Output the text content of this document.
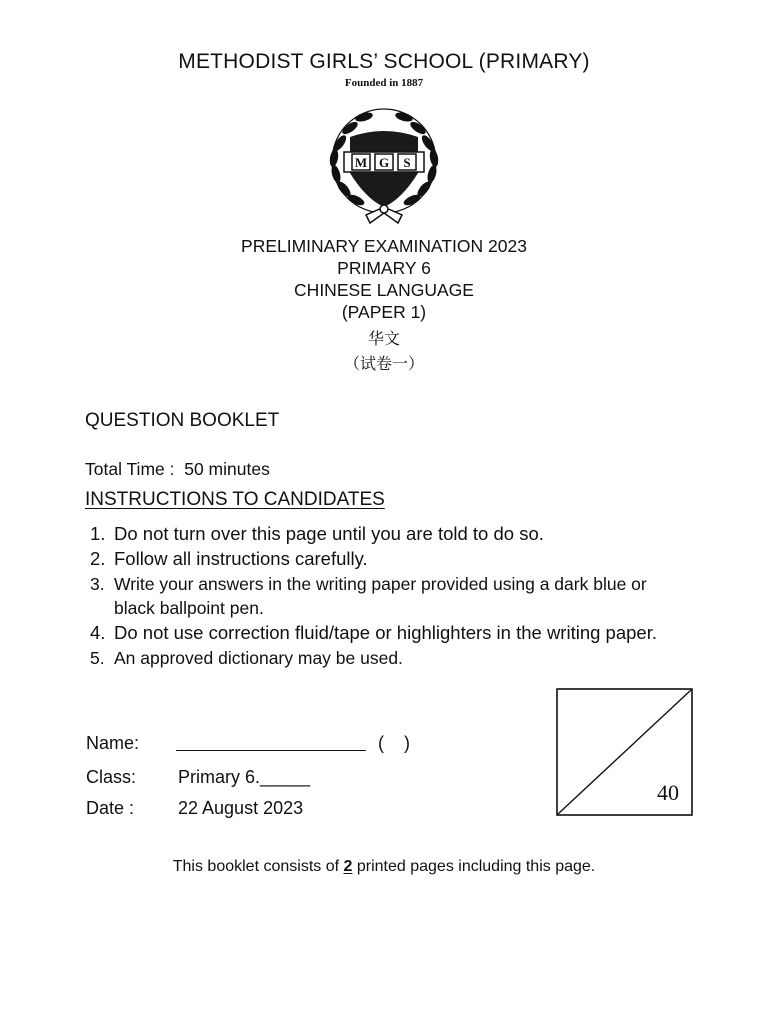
METHODIST GIRLS’ SCHOOL (PRIMARY)
Founded in 1887
M G S
PRELIMINARY EXAMINATION 2023
PRIMARY 6
CHINESE LANGUAGE
(PAPER 1)
华文
（试卷一）
QUESTION BOOKLET
Total Time : 50 minutes
INSTRUCTIONS TO CANDIDATES
1. Do not turn over this page until you are told to do so.
2. Follow all instructions carefully.
3. Write your answers in the writing paper provided using a dark blue or black ballpoint pen.
4. Do not use correction fluid/tape or highlighters in the writing paper.
5. An approved dictionary may be used.
Name:	(    )
Class: Primary 6._____
Date : 22 August 2023
40
This booklet consists of 2 printed pages including this page.
